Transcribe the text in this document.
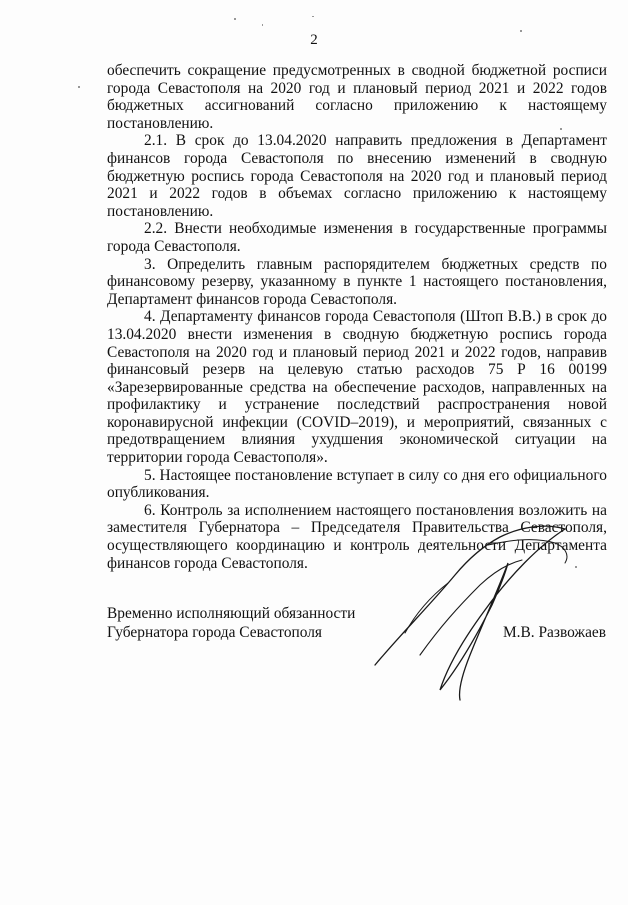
2

обеспечить сокращение предусмотренных в сводной бюджетной росписи города Севастополя на 2020 год и плановый период 2021 и 2022 годов бюджетных ассигнований согласно приложению к настоящему постановлению.

2.1. В срок до 13.04.2020 направить предложения в Департамент финансов города Севастополя по внесению изменений в сводную бюджетную роспись города Севастополя на 2020 год и плановый период 2021 и 2022 годов в объемах согласно приложению к настоящему постановлению.

2.2. Внести необходимые изменения в государственные программы города Севастополя.

3. Определить главным распорядителем бюджетных средств по финансовому резерву, указанному в пункте 1 настоящего постановления, Департамент финансов города Севастополя.

4. Департаменту финансов города Севастополя (Штоп В.В.) в срок до 13.04.2020 внести изменения в сводную бюджетную роспись города Севастополя на 2020 год и плановый период 2021 и 2022 годов, направив финансовый резерв на целевую статью расходов 75 Р 16 00199 «Зарезервированные средства на обеспечение расходов, направленных на профилактику и устранение последствий распространения новой коронавирусной инфекции (COVID–2019), и мероприятий, связанных с предотвращением влияния ухудшения экономической ситуации на территории города Севастополя».

5. Настоящее постановление вступает в силу со дня его официального опубликования.

6. Контроль за исполнением настоящего постановления возложить на заместителя Губернатора – Председателя Правительства Севастополя, осуществляющего координацию и контроль деятельности Департамента финансов города Севастополя.

Временно исполняющий обязанности
Губернатора города Севастополя	М.В. Развожаев
